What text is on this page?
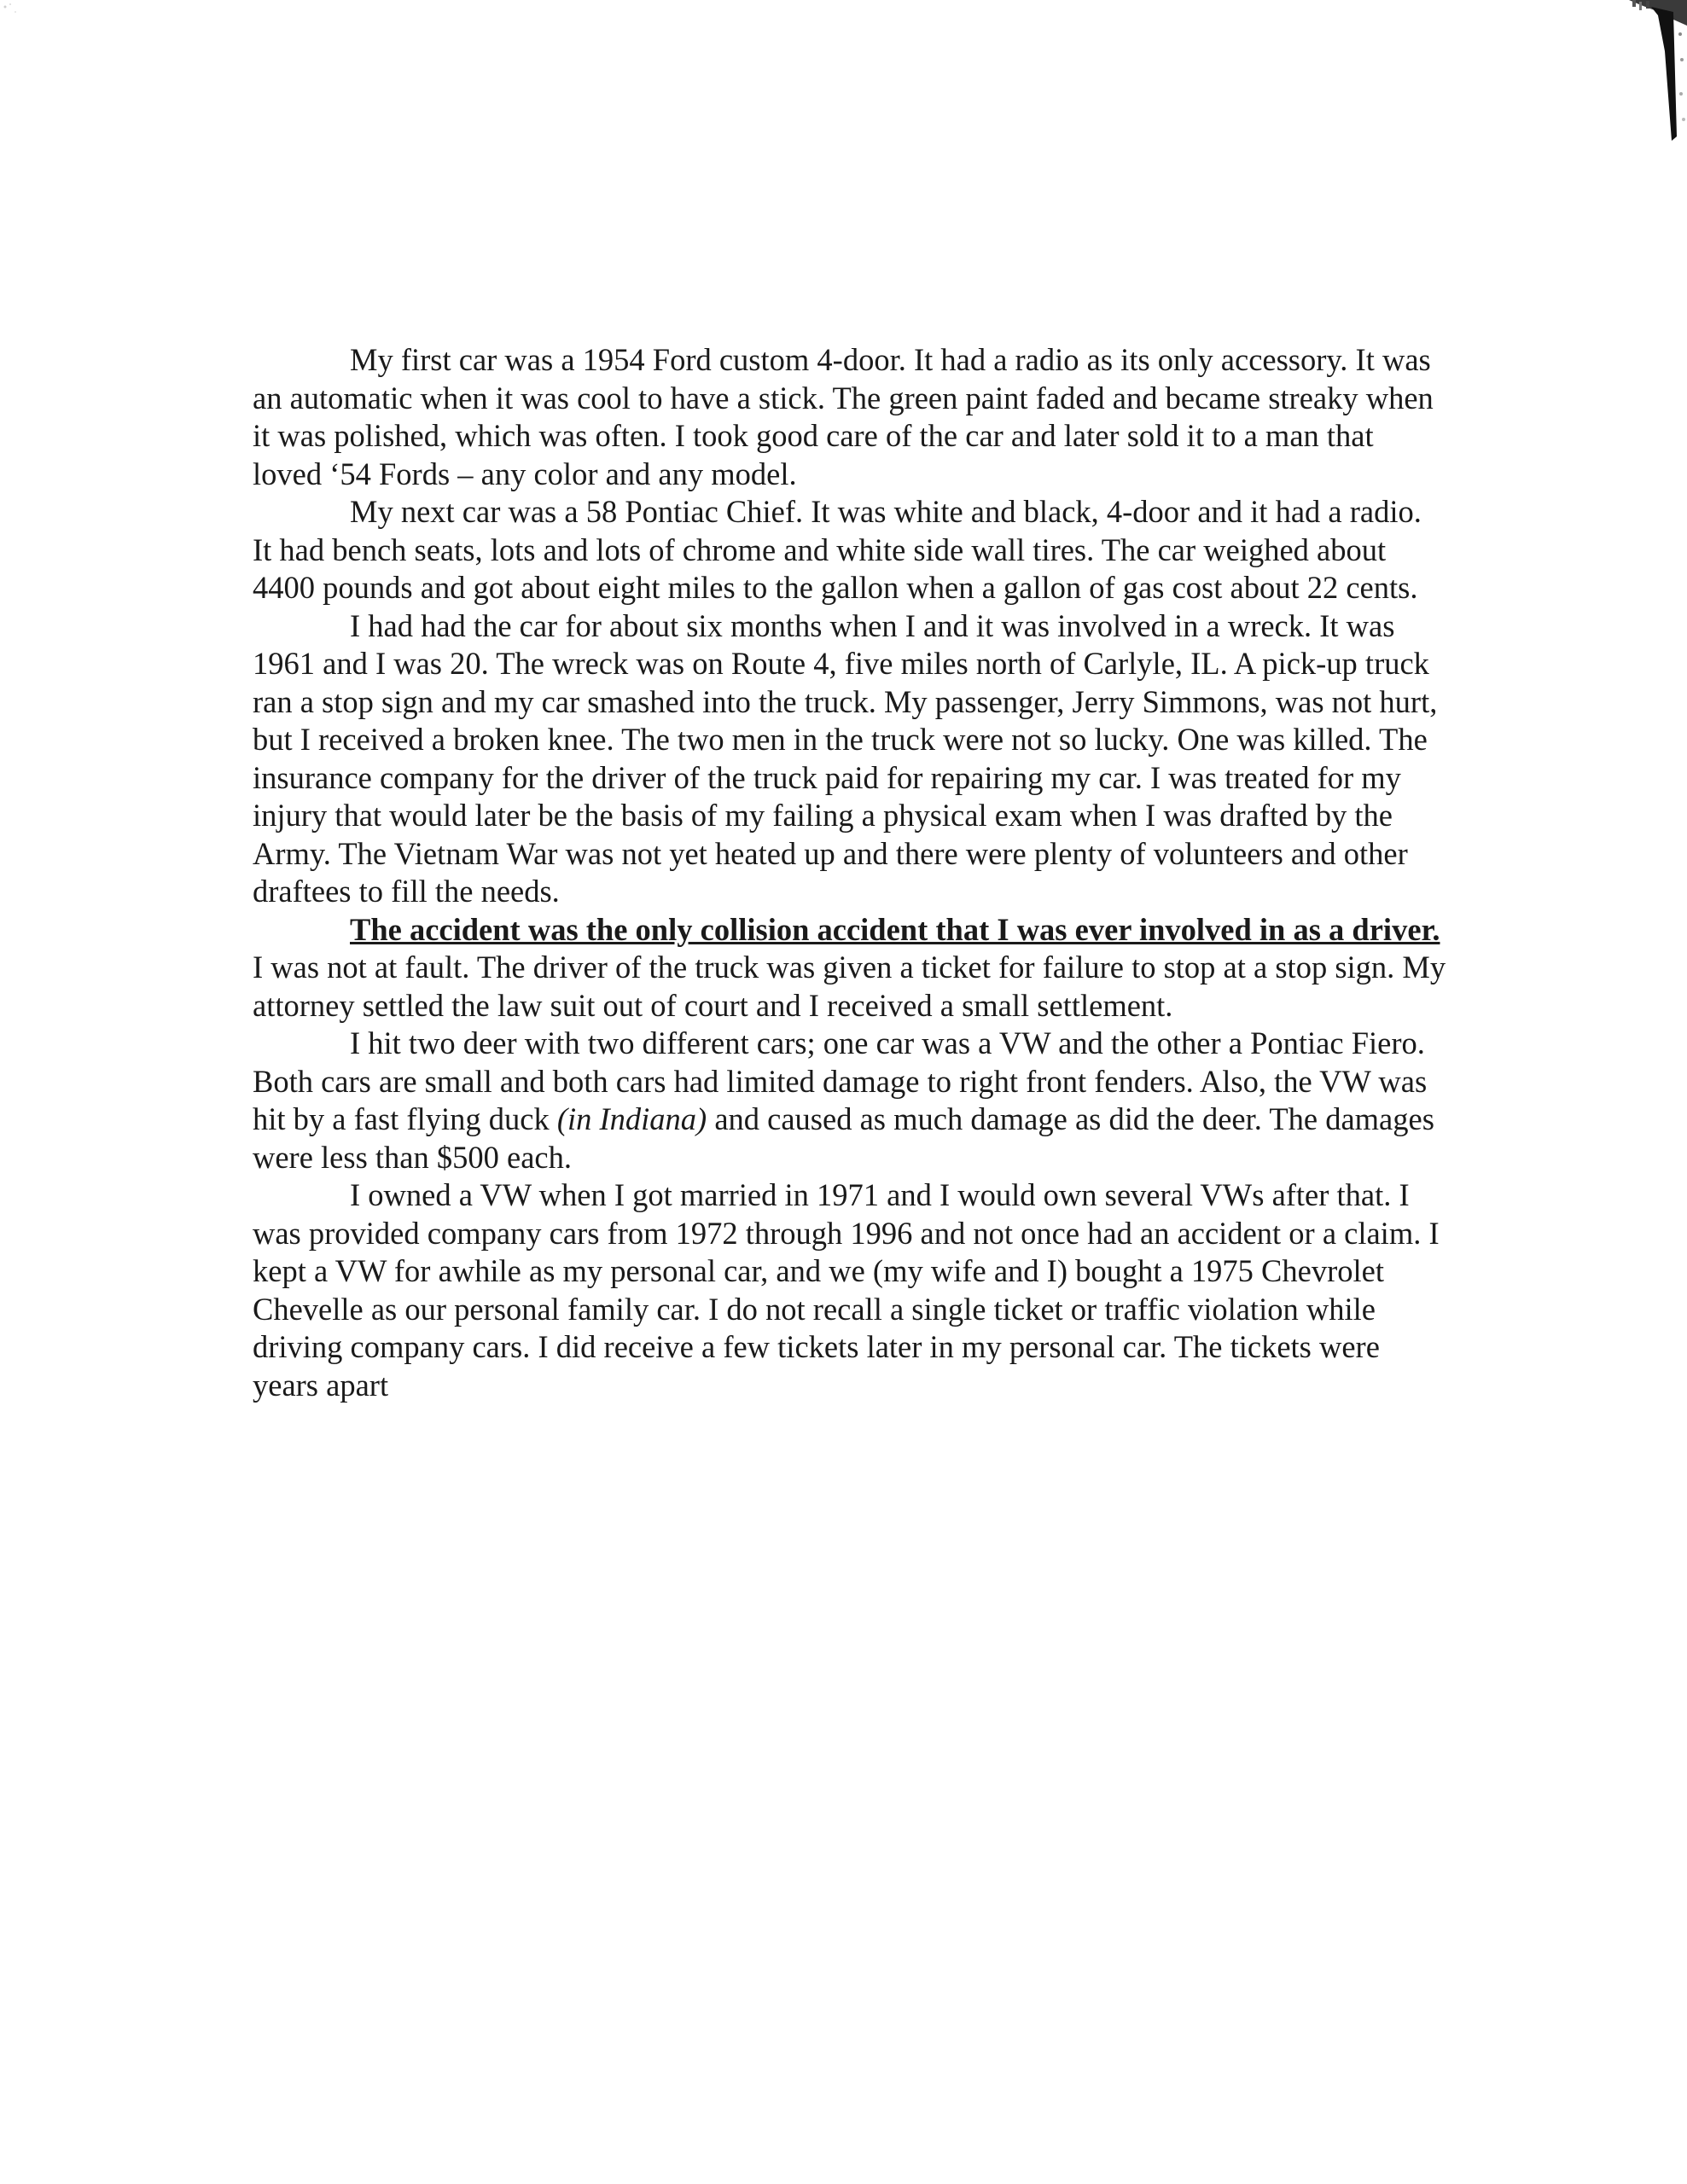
My first car was a 1954 Ford custom 4-door. It had a radio as its only accessory. It was an automatic when it was cool to have a stick. The green paint faded and became streaky when it was polished, which was often. I took good care of the car and later sold it to a man that loved ‘54 Fords – any color and any model.

My next car was a 58 Pontiac Chief. It was white and black, 4-door and it had a radio. It had bench seats, lots and lots of chrome and white side wall tires. The car weighed about 4400 pounds and got about eight miles to the gallon when a gallon of gas cost about 22 cents.

I had had the car for about six months when I and it was involved in a wreck. It was 1961 and I was 20. The wreck was on Route 4, five miles north of Carlyle, IL. A pick-up truck ran a stop sign and my car smashed into the truck. My passenger, Jerry Simmons, was not hurt, but I received a broken knee. The two men in the truck were not so lucky. One was killed. The insurance company for the driver of the truck paid for repairing my car. I was treated for my injury that would later be the basis of my failing a physical exam when I was drafted by the Army. The Vietnam War was not yet heated up and there were plenty of volunteers and other draftees to fill the needs.

The accident was the only collision accident that I was ever involved in as a driver. I was not at fault. The driver of the truck was given a ticket for failure to stop at a stop sign. My attorney settled the law suit out of court and I received a small settlement.

I hit two deer with two different cars; one car was a VW and the other a Pontiac Fiero. Both cars are small and both cars had limited damage to right front fenders. Also, the VW was hit by a fast flying duck (in Indiana) and caused as much damage as did the deer. The damages were less than $500 each.

I owned a VW when I got married in 1971 and I would own several VWs after that. I was provided company cars from 1972 through 1996 and not once had an accident or a claim. I kept a VW for awhile as my personal car, and we (my wife and I) bought a 1975 Chevrolet Chevelle as our personal family car. I do not recall a single ticket or traffic violation while driving company cars. I did receive a few tickets later in my personal car. The tickets were years apart
